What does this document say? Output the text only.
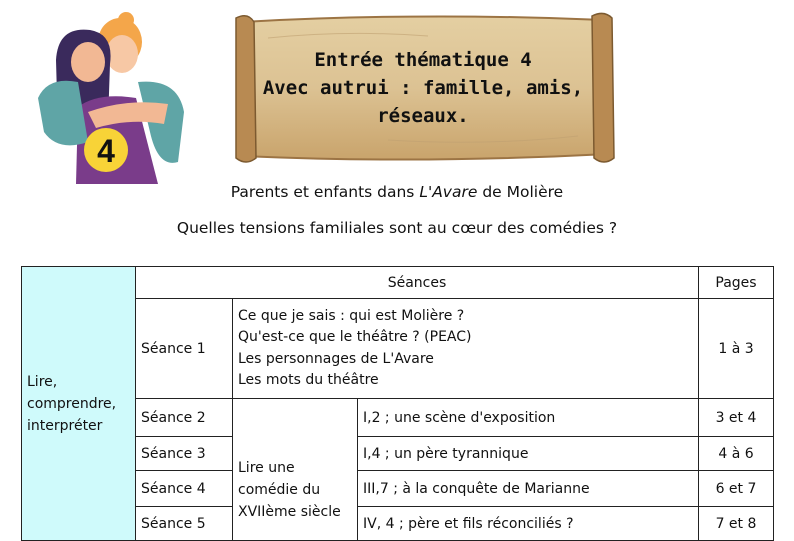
4
Entrée thématique 4
Avec autrui : famille, amis,
réseaux.
Parents et enfants dans L'Avare de Molière
Quelles tensions familiales sont au cœur des comédies ?
Lire,
comprendre,
interpréter	Séances			Pages
	Séance 1	Ce que je sais : qui est Molière ?
Qu'est-ce que le théâtre ? (PEAC)
Les personnages de L'Avare
Les mots du théâtre		1 à 3
	Séance 2	Lire une
comédie du
XVIIème siècle	I,2 ; une scène d'exposition	3 et 4
	Séance 3		I,4 ; un père tyrannique	4 à 6
	Séance 4		III,7 ; à la conquête de Marianne	6 et 7
	Séance 5		IV, 4 ; père et fils réconciliés ?	7 et 8
